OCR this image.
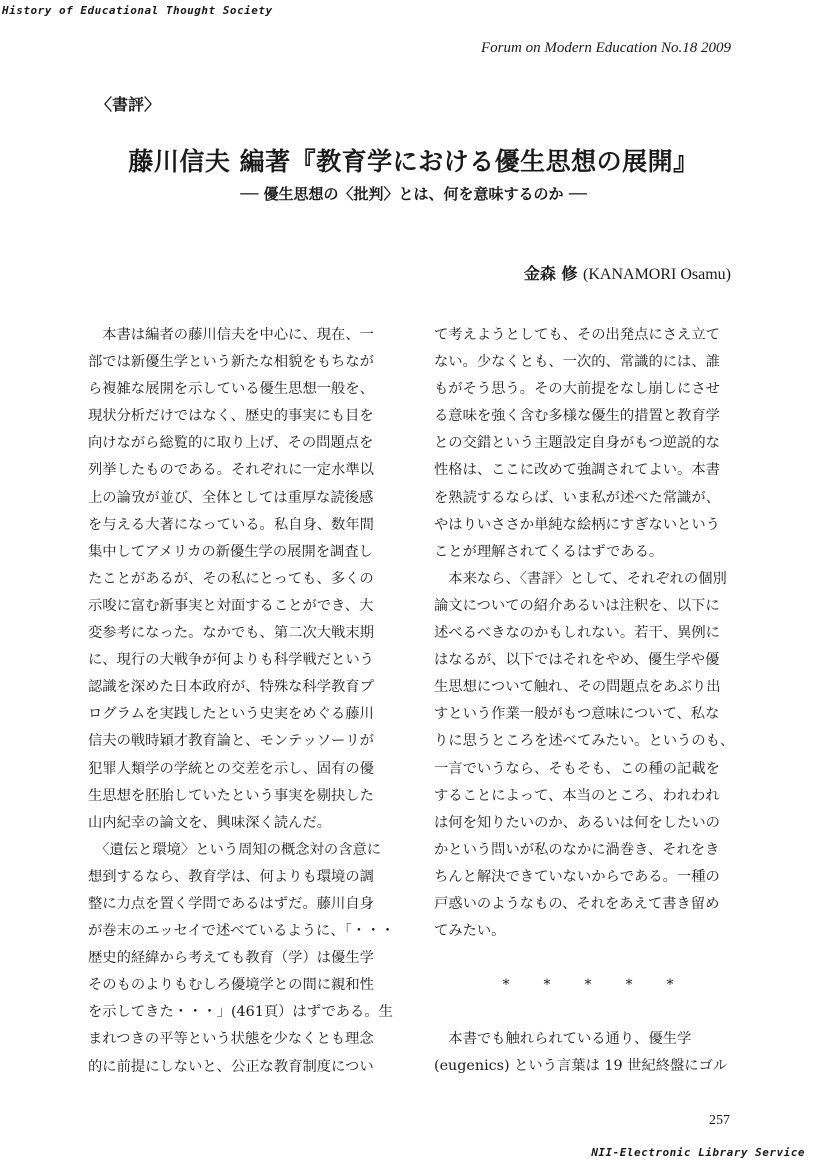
History of Educational Thought Society
Forum on Modern Education No.18 2009
〈書評〉
藤川信夫 編著『教育学における優生思想の展開』
── 優生思想の〈批判〉とは、何を意味するのか ──
金森 修 (KANAMORI Osamu)

　本書は編者の藤川信夫を中心に、現在、一

部では新優生学という新たな相貌をもちなが

ら複雑な展開を示している優生思想一般を、

現状分析だけではなく、歴史的事実にも目を

向けながら総覧的に取り上げ、その問題点を

列挙したものである。それぞれに一定水準以

上の論攷が並び、全体としては重厚な読後感

を与える大著になっている。私自身、数年間

集中してアメリカの新優生学の展開を調査し

たことがあるが、その私にとっても、多くの

示唆に富む新事実と対面することができ、大

変参考になった。なかでも、第二次大戦末期

に、現行の大戦争が何よりも科学戦だという

認識を深めた日本政府が、特殊な科学教育プ

ログラムを実践したという史実をめぐる藤川

信夫の戦時穎才教育論と、モンテッソーリが

犯罪人類学の学統との交差を示し、固有の優

生思想を胚胎していたという事実を剔抉した

山内紀幸の論文を、興味深く読んだ。

　〈遺伝と環境〉という周知の概念対の含意に

想到するなら、教育学は、何よりも環境の調

整に力点を置く学問であるはずだ。藤川自身

が巻末のエッセイで述べているように、「・・・

歴史的経緯から考えても教育（学）は優生学

そのものよりもむしろ優境学との間に親和性

を示してきた・・・」(461頁）はずである。生

まれつきの平等という状態を少なくとも理念

的に前提にしないと、公正な教育制度につい

て考えようとしても、その出発点にさえ立て

ない。少なくとも、一次的、常識的には、誰

もがそう思う。その大前提をなし崩しにさせ

る意味を強く含む多様な優生的措置と教育学

との交錯という主題設定自身がもつ逆説的な

性格は、ここに改めて強調されてよい。本書

を熟読するならば、いま私が述べた常識が、

やはりいささか単純な絵柄にすぎないという

ことが理解されてくるはずである。

　本来なら、〈書評〉として、それぞれの個別

論文についての紹介あるいは注釈を、以下に

述べるべきなのかもしれない。若干、異例に

はなるが、以下ではそれをやめ、優生学や優

生思想について触れ、その問題点をあぶり出

すという作業一般がもつ意味について、私な

りに思うところを述べてみたい。というのも、

一言でいうなら、そもそも、この種の記載を

することによって、本当のところ、われわれ

は何を知りたいのか、あるいは何をしたいの

かという問いが私のなかに渦巻き、それをき

ちんと解決できていないからである。一種の

戸惑いのようなもの、それをあえて書き留め

てみたい。

* * * * *

　本書でも触れられている通り、優生学

(eugenics) という言葉は 19 世紀終盤にゴル

257
NII-Electronic Library Service
